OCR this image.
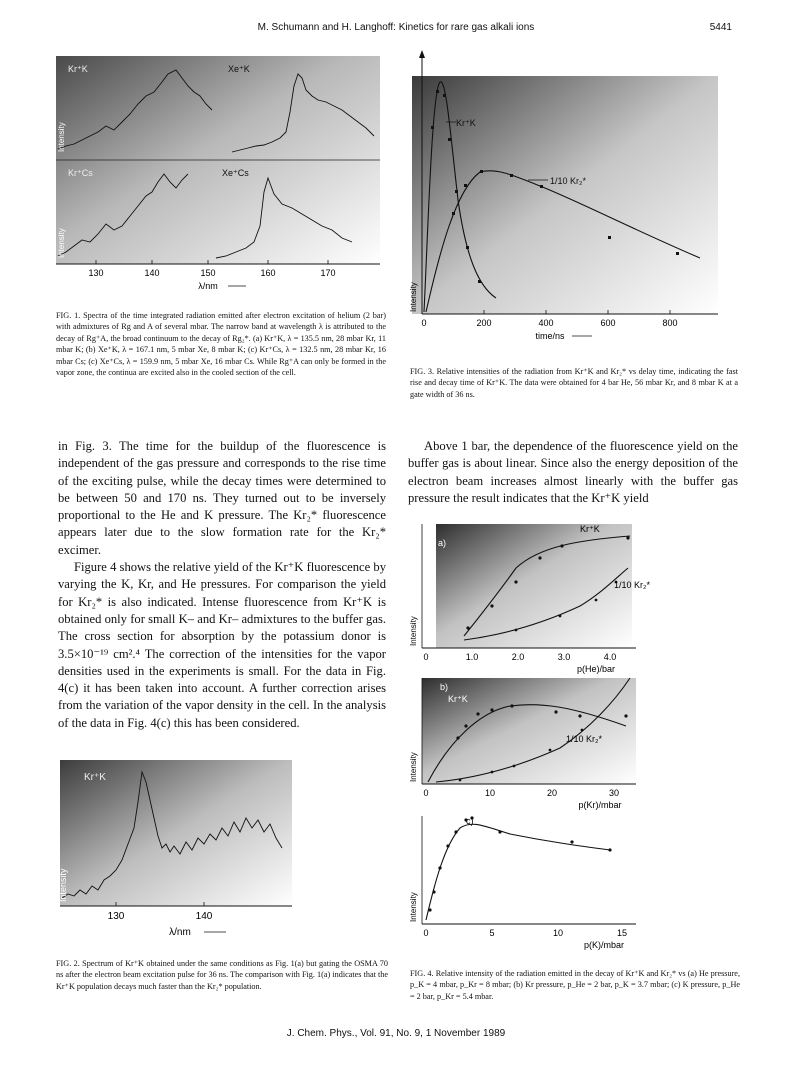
M. Schumann and H. Langhoff: Kinetics for rare gas alkali ions	5441
Kr⁺K	Xe⁺K
Kr⁺Cs	Xe⁺Cs
Intensity
Intensity
130	140	150	160	170
λ/nm
FIG. 1. Spectra of the time integrated radiation emitted after electron excitation of helium (2 bar) with admixtures of Rg and A of several mbar. The narrow band at wavelength λ is attributed to the decay of Rg⁺A, the broad continuum to the decay of Rg₂*. (a) Kr⁺K, λ = 135.5 nm, 28 mbar Kr, 11 mbar K; (b) Xe⁺K, λ = 167.1 nm, 5 mbar Xe, 8 mbar K; (c) Kr⁺Cs, λ = 132.5 nm, 28 mbar Kr, 16 mbar Cs; (c) Xe⁺Cs, λ = 159.9 nm, 5 mbar Xe, 16 mbar Cs. While Rg⁺A can only be formed in the vapor zone, the continua are excited also in the cooled section of the cell.
Kr⁺K
1/10 Kr₂*
Intensity
0	200	400	600	800
time/ns
FIG. 3. Relative intensities of the radiation from Kr⁺K and Kr₂* vs delay time, indicating the fast rise and decay time of Kr⁺K. The data were obtained for 4 bar He, 56 mbar Kr, and 8 mbar K at a gate width of 36 ns.

in Fig. 3. The time for the buildup of the fluorescence is independent of the gas pressure and corresponds to the rise time of the exciting pulse, while the decay times were determined to be between 50 and 170 ns. They turned out to be inversely proportional to the He and K pressure. The Kr₂* fluorescence appears later due to the slow formation rate for the Kr₂* excimer.

Figure 4 shows the relative yield of the Kr⁺K fluorescence by varying the K, Kr, and He pressures. For comparison the yield for Kr₂* is also indicated. Intense fluorescence from Kr⁺K is obtained only for small K– and Kr– admixtures to the buffer gas. The cross section for absorption by the potassium donor is 3.5×10⁻¹⁹ cm².⁴ The correction of the intensities for the vapor densities used in the experiments is small. For the data in Fig. 4(c) it has been taken into account. A further correction arises from the variation of the vapor density in the cell. In the analysis of the data in Fig. 4(c) this has been considered.

Above 1 bar, the dependence of the fluorescence yield on the buffer gas is about linear. Since also the energy deposition of the electron beam increases almost linearly with the buffer gas pressure the result indicates that the Kr⁺K yield

Kr⁺K
Intensity
130	140
λ/nm
FIG. 2. Spectrum of Kr⁺K obtained under the same conditions as Fig. 1(a) but gating the OSMA 70 ns after the electron beam excitation pulse for 36 ns. The comparison with Fig. 1(a) indicates that the Kr⁺K population decays much faster than the Kr₂* population.
a)
Kr⁺K
1/10 Kr₂*
Intensity
0	1.0	2.0	3.0	4.0
p(He)/bar
b)
Kr⁺K
1/10 Kr₂*
Intensity
0	10	20	30
p(Kr)/mbar
c)
Intensity
0	5	10	15
p(K)/mbar
FIG. 4. Relative intensity of the radiation emitted in the decay of Kr⁺K and Kr₂* vs (a) He pressure, p_K = 4 mbar, p_Kr = 8 mbar; (b) Kr pressure, p_He = 2 bar, p_K = 3.7 mbar; (c) K pressure, p_He = 2 bar, p_Kr = 5.4 mbar.
J. Chem. Phys., Vol. 91, No. 9, 1 November 1989
